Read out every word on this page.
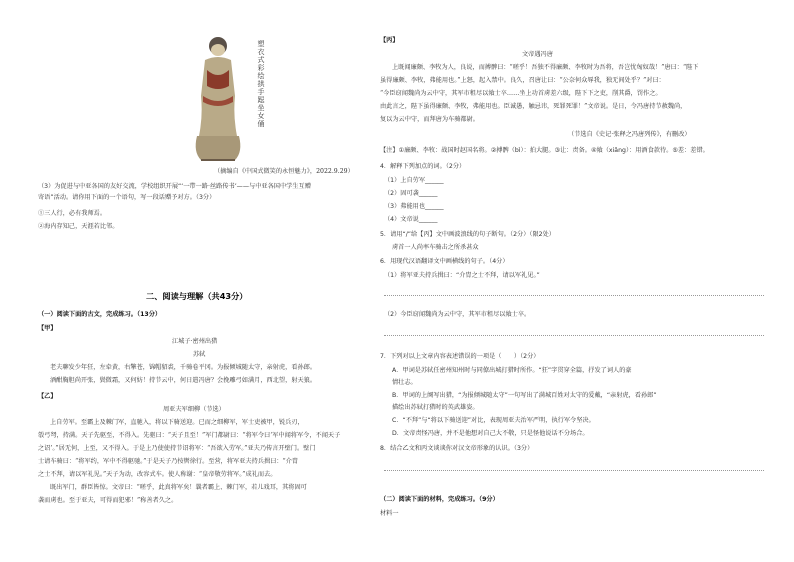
塑衣式彩绘拱手跽坐女俑
（摘编自《中国式微笑的永恒魅力》，2022.9.29）
（3）为促进与中亚各国的友好交流，学校组织开展“‘一带一路·丝路传书’——与中亚各国中学生互赠
寄语”活动。请你用下面的一个语句，写一段话赠予对方。（3分）
①三人行，必有我师焉。
②海内存知己，天涯若比邻。
二、阅读与理解（共43分）
（一）阅读下面的古文，完成练习。（13分）
【甲】
江城子·密州出猎
苏轼
老夫聊发少年狂，左牵黄，右擎苍，锦帽貂裘，千骑卷平冈。为报倾城随太守，亲射虎，看孙郎。
酒酣胸胆尚开张，鬓微霜，又何妨！持节云中，何日遣冯唐？会挽雕弓如满月，西北望，射天狼。
【乙】
周亚夫军细柳（节选）
上自劳军。至霸上及棘门军，直驰入，将以下骑送迎。已而之细柳军，军士吏被甲，锐兵刃，
彀弓弩，持满。天子先驱至，不得入。先驱曰：“天子且至！”军门都尉曰：“将军令曰‘军中闻将军令，不闻天子
之诏’。”居无何，上至，又不得入。于是上乃使使持节诏将军：“吾欲入劳军。”亚夫乃传言开壁门。壁门
士请车骑曰：“将军约，军中不得驱驰。”于是天子乃按辔徐行。至营，将军亚夫持兵揖曰：“介胄
之士不拜，请以军礼见。”天子为动，改容式车。使人称谢：“皇帝敬劳将军。”成礼而去。
既出军门，群臣皆惊。文帝曰：“嗟乎，此真将军矣！曩者霸上、棘门军，若儿戏耳，其将固可
袭而虏也。至于亚夫，可得而犯邪！”称善者久之。
【丙】
文帝遇冯唐
上既闻廉颇、李牧为人，良说，而搏髀曰：“嗟乎！吾独不得廉颇、李牧时为吾将，吾岂忧匈奴哉！”唐曰：“陛下
虽得廉颇、李牧，弗能用也。”上怒，起入禁中。良久，召唐让曰：“公奈何众辱我，独无间处乎？”对曰：
“今臣窃闻魏尚为云中守，其军市租尽以飨士卒……坐上功首虏差六级，陛下下之吏，削其爵，罚作之。
由此言之，陛下虽得廉颇、李牧，弗能用也。臣诚愚，触忌讳，死罪死罪！”文帝说。是日，令冯唐持节赦魏尚，
复以为云中守，而拜唐为车骑都尉。
（节选自《史记·张释之冯唐列传》，有删改）
【注】①廉颇、李牧：战国时赵国名将。②搏髀（bì）：拍大腿。③让：责备。④飨（xiǎng）：用酒食款待。⑤差：差错。
4．解释下列加点的词。（2分）
（1）上自劳军______
（2）固可袭______
（3）弗能用也______
（4）文帝说______
5．请用“/”给【丙】文中画波浪线的句子断句。（2分）（限2处）
虏首一人尚率车骑击之所杀甚众
6．用现代汉语翻译文中画横线的句子。（4分）
（1）将军亚夫持兵揖曰：“介胄之士不拜，请以军礼见。”
（2）今臣窃闻魏尚为云中守，其军市租尽以飨士卒。
7．下列对以上文章内容表述错误的一项是（　　）（2分）
A．甲词是苏轼任密州知州时与同僚出城打猎时所作。“狂”字贯穿全篇，抒发了词人的豪
情壮志。
B．甲词的上阕写出猎，“为报倾城随太守”一句写出了满城百姓对太守的爱戴，“亲射虎，看孙郎”
描绘出苏轼打猎时的英武雄姿。
C．“不拜”与“将以下骑送迎”对比，表现周亚夫治军严明，执行军令坚决。
D．文帝责怪冯唐，并不是他想对自己大不敬，只是怪他说话不分场合。
8．结合乙文和丙文谈谈你对汉文帝形象的认识。（3分）
（二）阅读下面的材料，完成练习。（9分）
材料一
